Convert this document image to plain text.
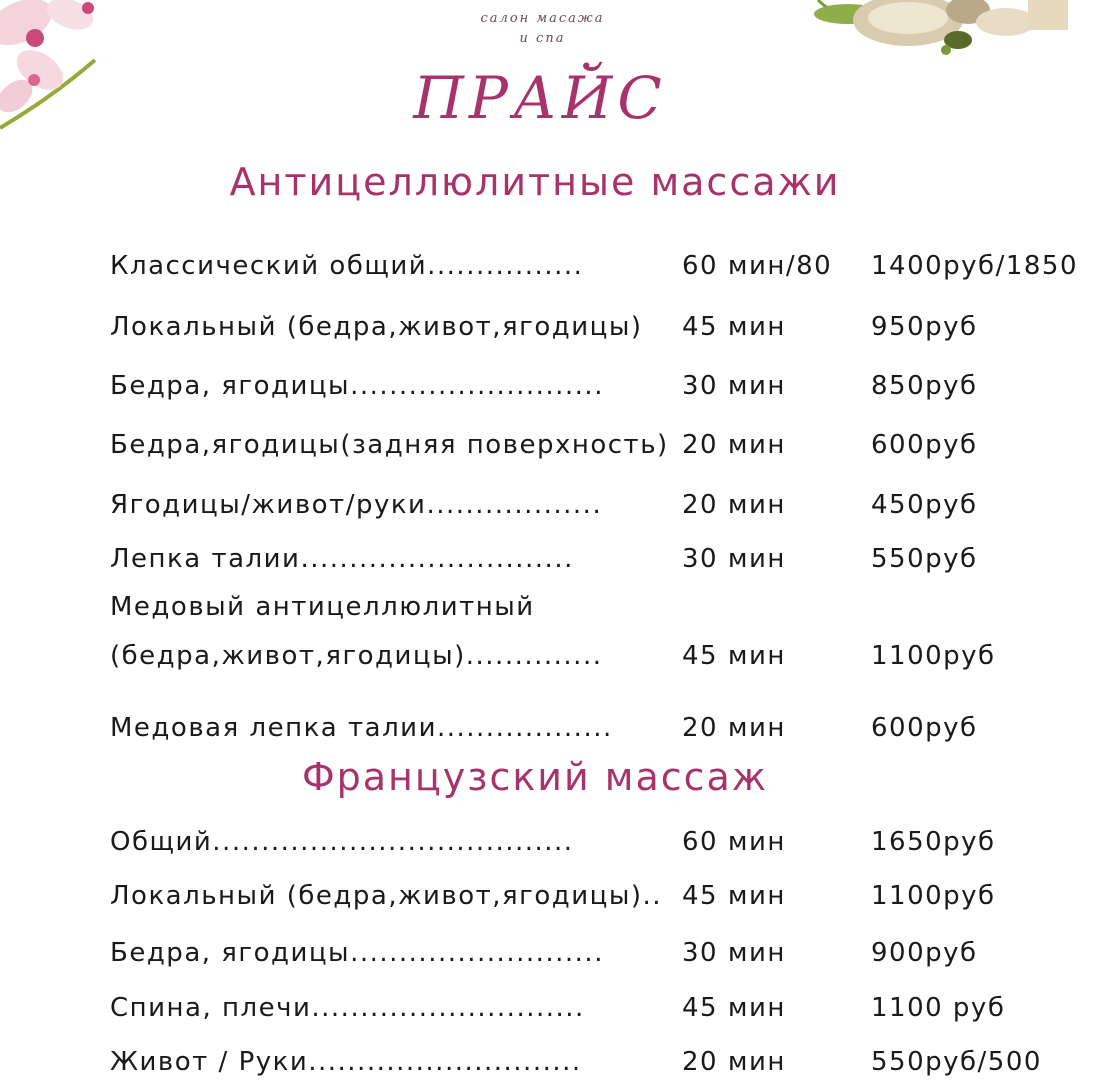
салон масажа
и спа
ПРАЙС
Антицеллюлитные массажи
Классический общий................	60 мин/80 1400руб/1850
Локальный (бедра,живот,ягодицы) 45 мин	950руб
Бедра, ягодицы..........................	30 мин	850руб
Бедра,ягодицы(задняя поверхность) 20 мин	600руб
Ягодицы/живот/руки..................	20 мин	450руб
Лепка талии............................	30 мин	550руб
Медовый антицеллюлитный
(бедра,живот,ягодицы)..............	45 мин	1100руб
Медовая лепка талии..................	20 мин	600руб
Французский массаж
Общий.....................................	60 мин	1650руб
Локальный (бедра,живот,ягодицы).. 45 мин	1100руб
Бедра, ягодицы..........................	30 мин	900руб
Спина, плечи............................	45 мин	1100 руб
Живот / Руки............................	20 мин	550руб/500
